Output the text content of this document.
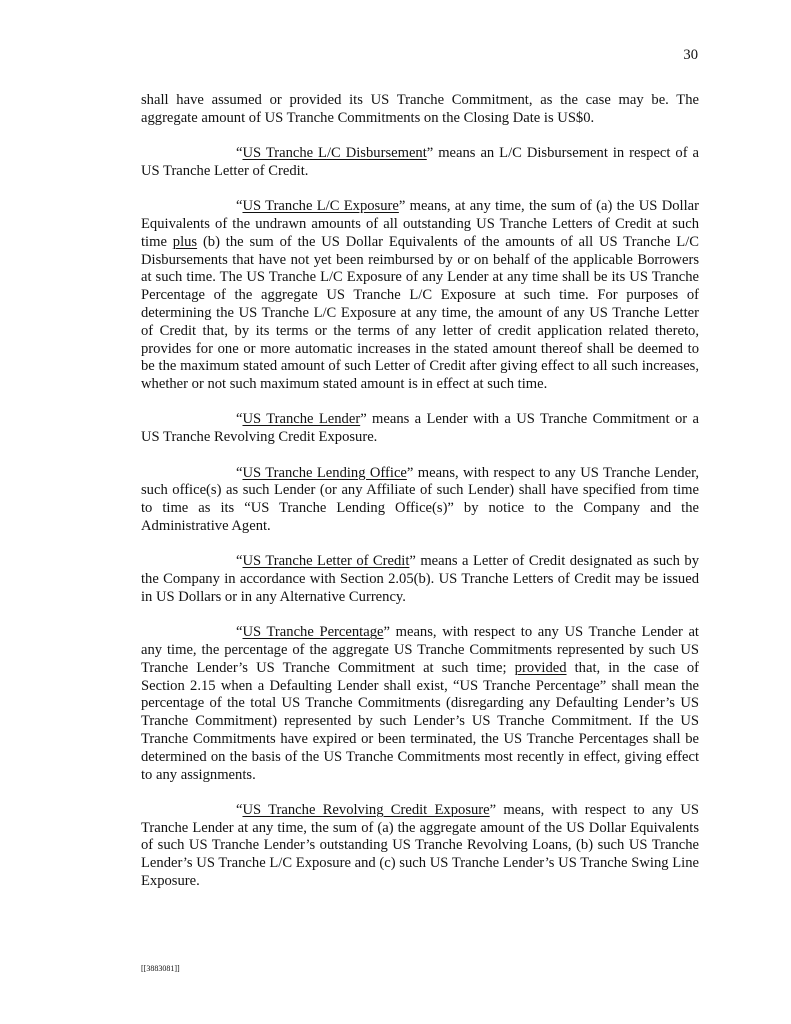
30

shall have assumed or provided its US Tranche Commitment, as the case may be. The aggregate amount of US Tranche Commitments on the Closing Date is US$0.

“US Tranche L/C Disbursement” means an L/C Disbursement in respect of a US Tranche Letter of Credit.

“US Tranche L/C Exposure” means, at any time, the sum of (a) the US Dollar Equivalents of the undrawn amounts of all outstanding US Tranche Letters of Credit at such time plus (b) the sum of the US Dollar Equivalents of the amounts of all US Tranche L/C Disbursements that have not yet been reimbursed by or on behalf of the applicable Borrowers at such time. The US Tranche L/C Exposure of any Lender at any time shall be its US Tranche Percentage of the aggregate US Tranche L/C Exposure at such time. For purposes of determining the US Tranche L/C Exposure at any time, the amount of any US Tranche Letter of Credit that, by its terms or the terms of any letter of credit application related thereto, provides for one or more automatic increases in the stated amount thereof shall be deemed to be the maximum stated amount of such Letter of Credit after giving effect to all such increases, whether or not such maximum stated amount is in effect at such time.

“US Tranche Lender” means a Lender with a US Tranche Commitment or a US Tranche Revolving Credit Exposure.

“US Tranche Lending Office” means, with respect to any US Tranche Lender, such office(s) as such Lender (or any Affiliate of such Lender) shall have specified from time to time as its “US Tranche Lending Office(s)” by notice to the Company and the Administrative Agent.

“US Tranche Letter of Credit” means a Letter of Credit designated as such by the Company in accordance with Section 2.05(b). US Tranche Letters of Credit may be issued in US Dollars or in any Alternative Currency.

“US Tranche Percentage” means, with respect to any US Tranche Lender at any time, the percentage of the aggregate US Tranche Commitments represented by such US Tranche Lender’s US Tranche Commitment at such time; provided that, in the case of Section 2.15 when a Defaulting Lender shall exist, “US Tranche Percentage” shall mean the percentage of the total US Tranche Commitments (disregarding any Defaulting Lender’s US Tranche Commitment) represented by such Lender’s US Tranche Commitment. If the US Tranche Commitments have expired or been terminated, the US Tranche Percentages shall be determined on the basis of the US Tranche Commitments most recently in effect, giving effect to any assignments.

“US Tranche Revolving Credit Exposure” means, with respect to any US Tranche Lender at any time, the sum of (a) the aggregate amount of the US Dollar Equivalents of such US Tranche Lender’s outstanding US Tranche Revolving Loans, (b) such US Tranche Lender’s US Tranche L/C Exposure and (c) such US Tranche Lender’s US Tranche Swing Line Exposure.

[[3883081]]
